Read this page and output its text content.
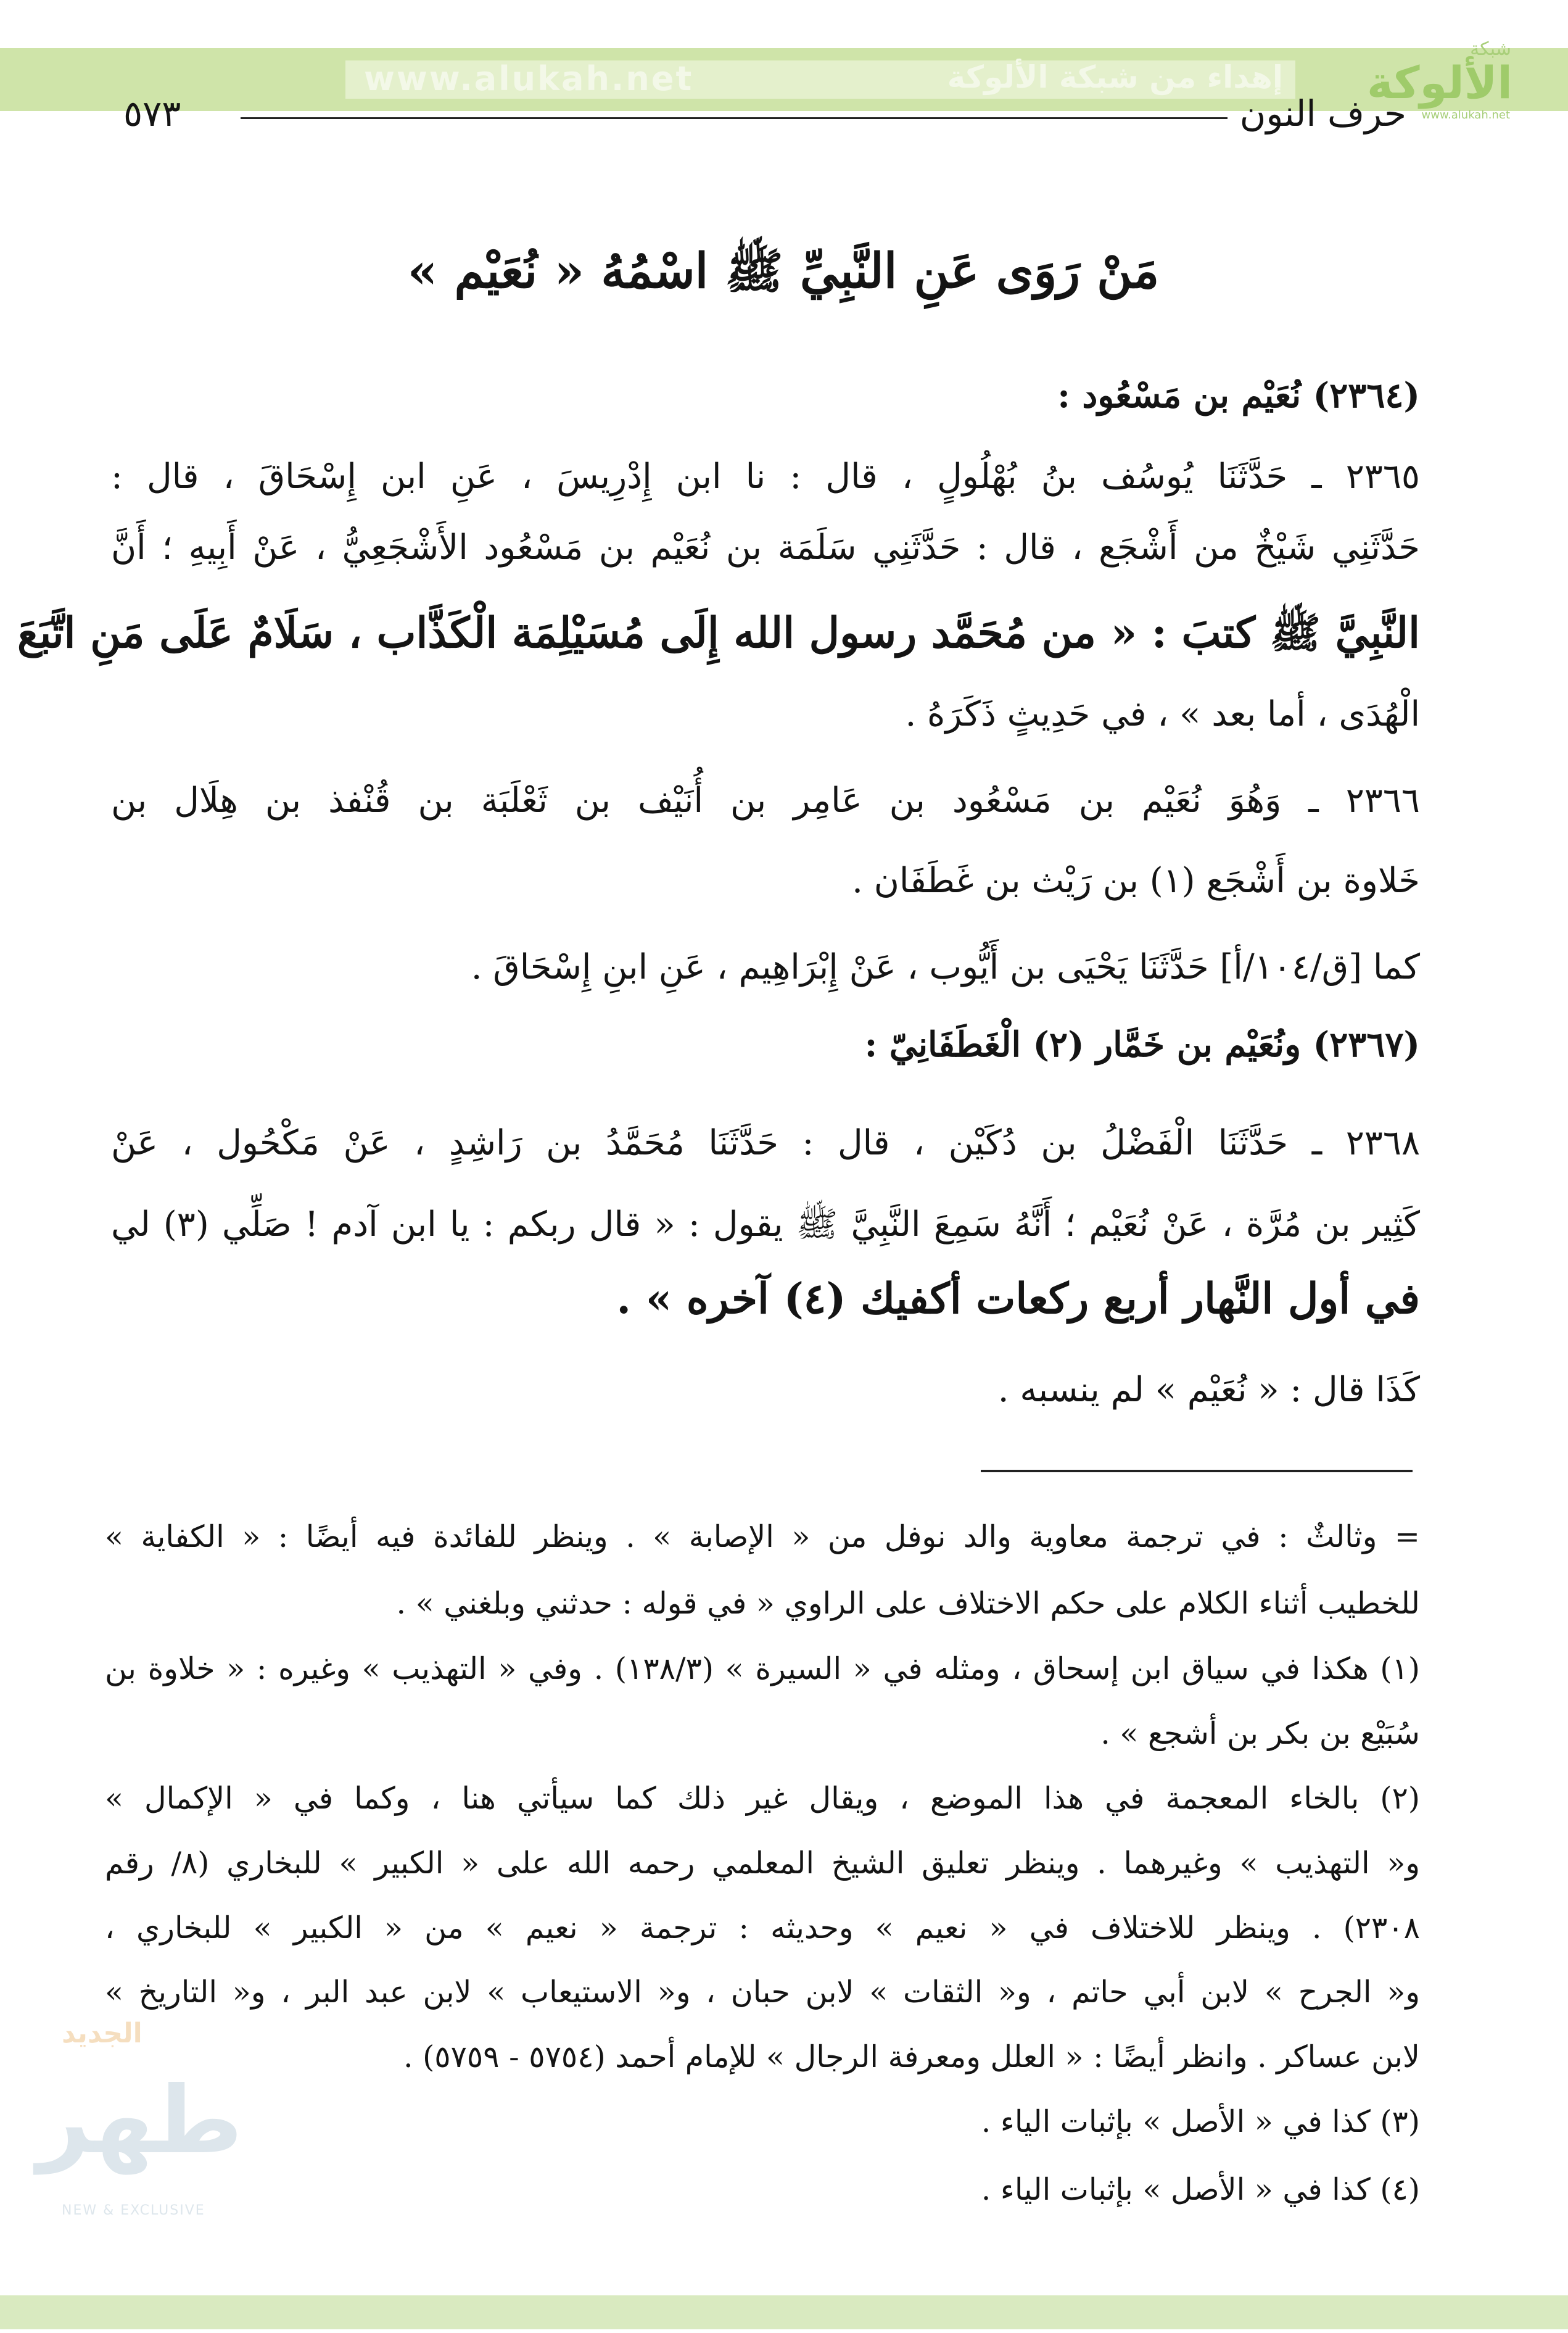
www.alukah.net	إهداء من شبكة الألوكة
شبكة
الألوكة
www.alukah.net
حرف النون
٥٧٣
مَنْ رَوَى عَنِ النَّبِيِّ ﷺ اسْمُهُ « نُعَيْم »
(٢٣٦٤) نُعَيْم بن مَسْعُود :
٢٣٦٥ ـ حَدَّثَنَا يُوسُف بنُ بُهْلُولٍ ، قال : نا ابن إِدْرِيسَ ، عَنِ ابن إِسْحَاقَ ، قال :
حَدَّثَنِي شَيْخٌ من أَشْجَع ، قال : حَدَّثَنِي سَلَمَة بن نُعَيْم بن مَسْعُود الأَشْجَعِيُّ ، عَنْ أَبِيهِ ؛ أَنَّ
النَّبِيَّ ﷺ كتبَ : « من مُحَمَّد رسول الله إِلَى مُسَيْلِمَة الْكَذَّاب ، سَلَامٌ عَلَى مَنِ اتَّبَعَ
الْهُدَى ، أما بعد » ، في حَدِيثٍ ذَكَرَهُ .
٢٣٦٦ ـ وَهُوَ نُعَيْم بن مَسْعُود بن عَامِر بن أُنَيْف بن ثَعْلَبَة بن قُنْفذ بن هِلَال بن
خَلاوة بن أَشْجَع (١) بن رَيْث بن غَطَفَان .
كما [ق/١٠٤/أ] حَدَّثَنَا يَحْيَى بن أَيُّوب ، عَنْ إِبْرَاهِيم ، عَنِ ابنِ إِسْحَاقَ .
(٢٣٦٧) ونُعَيْم بن خَمَّار (٢) الْغَطَفَانِيّ :
٢٣٦٨ ـ حَدَّثَنَا الْفَضْلُ بن دُكَيْن ، قال : حَدَّثَنَا مُحَمَّدُ بن رَاشِدٍ ، عَنْ مَكْحُول ، عَنْ
كَثِير بن مُرَّة ، عَنْ نُعَيْم ؛ أَنَّهُ سَمِعَ النَّبِيَّ ﷺ يقول : « قال ربكم : يا ابن آدم ! صَلِّي (٣) لي
في أول النَّهار أربع ركعات أكفيك (٤) آخره » .
كَذَا قال : « نُعَيْم » لم ينسبه .
= وثالثٌ : في ترجمة معاوية والد نوفل من « الإصابة » . وينظر للفائدة فيه أيضًا : « الكفاية »
للخطيب أثناء الكلام على حكم الاختلاف على الراوي « في قوله : حدثني وبلغني » .
(١) هكذا في سياق ابن إسحاق ، ومثله في « السيرة » (١٣٨/٣) . وفي « التهذيب » وغيره : « خلاوة بن
سُبَيْع بن بكر بن أشجع » .
(٢) بالخاء المعجمة في هذا الموضع ، ويقال غير ذلك كما سيأتي هنا ، وكما في « الإكمال »
و« التهذيب » وغيرهما . وينظر تعليق الشيخ المعلمي رحمه الله على « الكبير » للبخاري (٨/ رقم
٢٣٠٨) . وينظر للاختلاف في « نعيم » وحديثه : ترجمة « نعيم » من « الكبير » للبخاري ،
و« الجرح » لابن أبي حاتم ، و« الثقات » لابن حبان ، و« الاستيعاب » لابن عبد البر ، و« التاريخ »
لابن عساكر . وانظر أيضًا : « العلل ومعرفة الرجال » للإمام أحمد (٥٧٥٤ - ٥٧٥٩) .
(٣) كذا في « الأصل » بإثبات الياء .
(٤) كذا في « الأصل » بإثبات الياء .
الجديد
طهر
NEW & EXCLUSIVE
